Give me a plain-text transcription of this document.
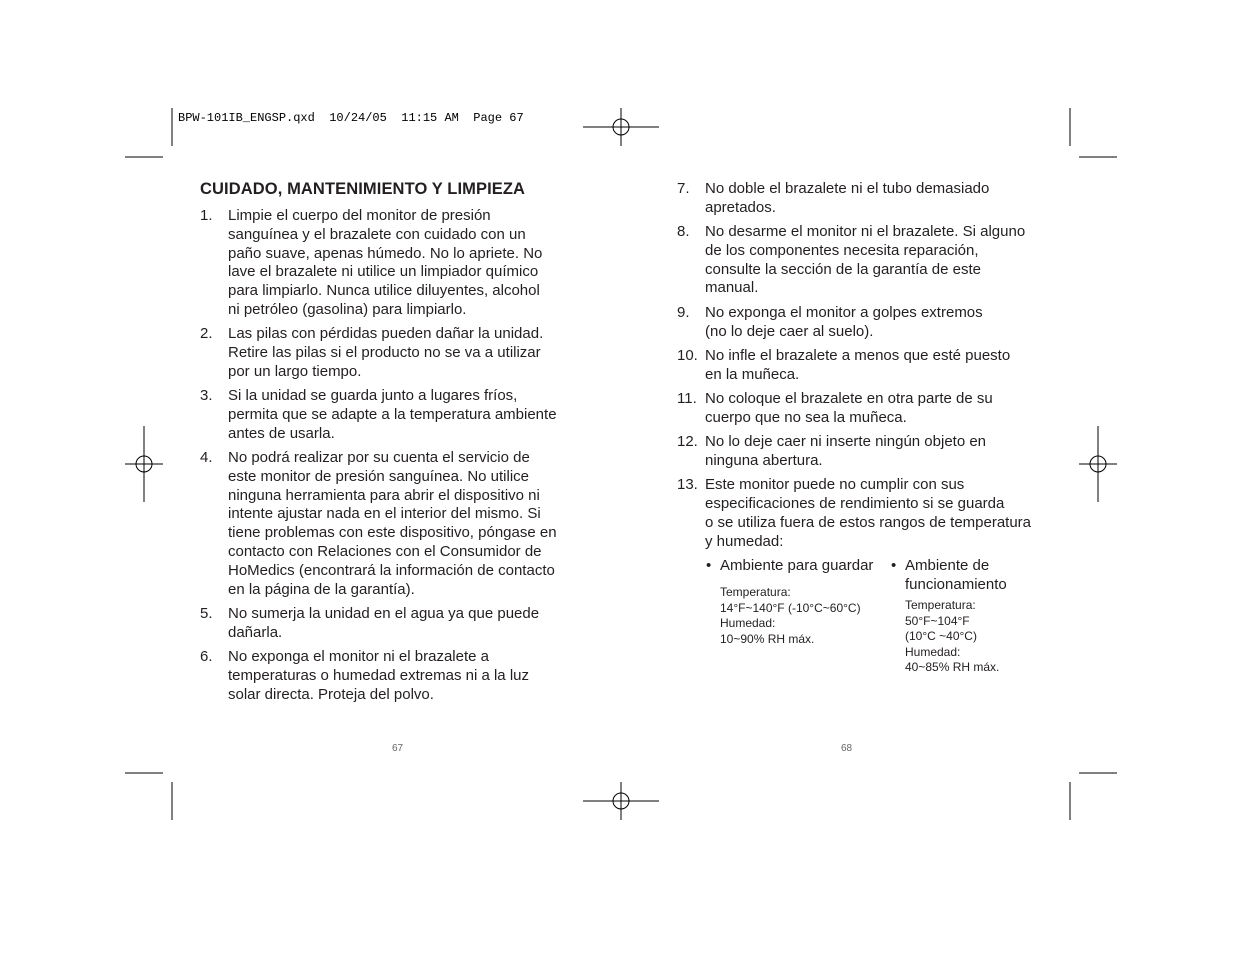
BPW-101IB_ENGSP.qxd  10/24/05  11:15 AM  Page 67
CUIDADO, MANTENIMIENTO Y LIMPIEZA
1. Limpie el cuerpo del monitor de presión
sanguínea y el brazalete con cuidado con un
paño suave, apenas húmedo. No lo apriete. No
lave el brazalete ni utilice un limpiador químico
para limpiarlo. Nunca utilice diluyentes, alcohol
ni petróleo (gasolina) para limpiarlo.
2. Las pilas con pérdidas pueden dañar la unidad.
Retire las pilas si el producto no se va a utilizar
por un largo tiempo.
3. Si la unidad se guarda junto a lugares fríos,
permita que se adapte a la temperatura ambiente
antes de usarla.
4. No podrá realizar por su cuenta el servicio de
este monitor de presión sanguínea. No utilice
ninguna herramienta para abrir el dispositivo ni
intente ajustar nada en el interior del mismo. Si
tiene problemas con este dispositivo, póngase en
contacto con Relaciones con el Consumidor de
HoMedics (encontrará la información de contacto
en la página de la garantía).
5. No sumerja la unidad en el agua ya que puede
dañarla.
6. No exponga el monitor ni el brazalete a
temperaturas o humedad extremas ni a la luz
solar directa. Proteja del polvo.
7. No doble el brazalete ni el tubo demasiado
apretados.
8. No desarme el monitor ni el brazalete. Si alguno
de los componentes necesita reparación,
consulte la sección de la garantía de este
manual.
9. No exponga el monitor a golpes extremos
(no lo deje caer al suelo).
10. No infle el brazalete a menos que esté puesto
en la muñeca.
11. No coloque el brazalete en otra parte de su
cuerpo que no sea la muñeca.
12. No lo deje caer ni inserte ningún objeto en
ninguna abertura.
13. Este monitor puede no cumplir con sus
especificaciones de rendimiento si se guarda
o se utiliza fuera de estos rangos de temperatura
y humedad:
• Ambiente para guardar
Temperatura:
14°F~140°F (-10°C~60°C)
Humedad:
10~90% RH máx.
• Ambiente de
funcionamiento
Temperatura:
50°F~104°F
(10°C ~40°C)
Humedad:
40~85% RH máx.
67	68
